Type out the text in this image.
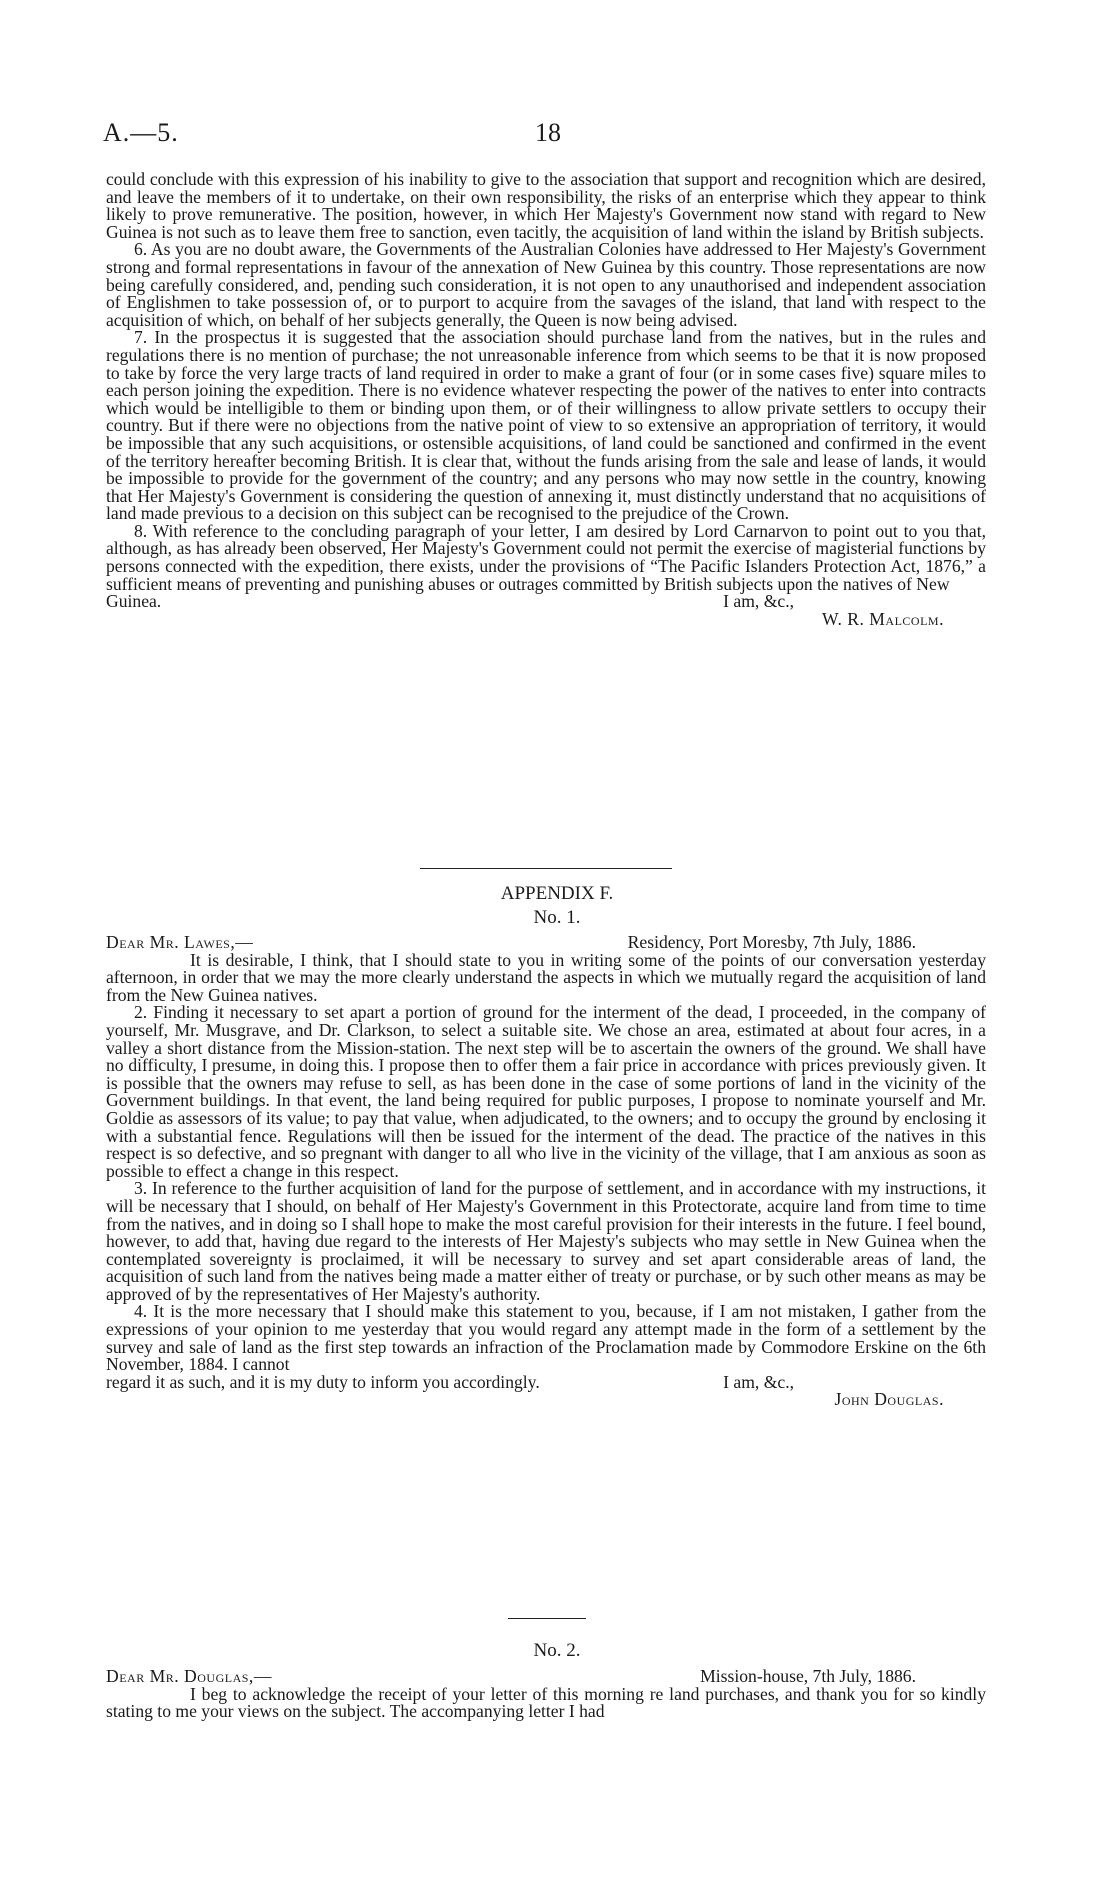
A.—5.	18

could conclude with this expression of his inability to give to the association that support and recognition which are desired, and leave the members of it to undertake, on their own responsibility, the risks of an enterprise which they appear to think likely to prove remunerative. The position, however, in which Her Majesty's Government now stand with regard to New Guinea is not such as to leave them free to sanction, even tacitly, the acquisition of land within the island by British subjects.

6. As you are no doubt aware, the Governments of the Australian Colonies have addressed to Her Majesty's Government strong and formal representations in favour of the annexation of New Guinea by this country. Those representations are now being carefully considered, and, pending such consideration, it is not open to any unauthorised and independent association of Englishmen to take possession of, or to purport to acquire from the savages of the island, that land with respect to the acquisition of which, on behalf of her subjects generally, the Queen is now being advised.

7. In the prospectus it is suggested that the association should purchase land from the natives, but in the rules and regulations there is no mention of purchase; the not unreasonable inference from which seems to be that it is now proposed to take by force the very large tracts of land required in order to make a grant of four (or in some cases five) square miles to each person joining the expedition. There is no evidence whatever respecting the power of the natives to enter into contracts which would be intelligible to them or binding upon them, or of their willingness to allow private settlers to occupy their country. But if there were no objections from the native point of view to so extensive an appropriation of territory, it would be impossible that any such acquisitions, or ostensible acquisitions, of land could be sanctioned and confirmed in the event of the territory hereafter becoming British. It is clear that, without the funds arising from the sale and lease of lands, it would be impossible to provide for the government of the country; and any persons who may now settle in the country, knowing that Her Majesty's Government is considering the question of annexing it, must distinctly understand that no acquisitions of land made previous to a decision on this subject can be recognised to the prejudice of the Crown.

8. With reference to the concluding paragraph of your letter, I am desired by Lord Carnarvon to point out to you that, although, as has already been observed, Her Majesty's Government could not permit the exercise of magisterial functions by persons connected with the expedition, there exists, under the provisions of “The Pacific Islanders Protection Act, 1876,” a sufficient means of preventing and punishing abuses or outrages committed by British subjects upon the natives of New

Guinea.	I am, &c.,
W. R. Malcolm.
APPENDIX F.
No. 1.
Dear Mr. Lawes,—	Residency, Port Moresby, 7th July, 1886.

It is desirable, I think, that I should state to you in writing some of the points of our conversation yesterday afternoon, in order that we may the more clearly understand the aspects in which we mutually regard the acquisition of land from the New Guinea natives.

2. Finding it necessary to set apart a portion of ground for the interment of the dead, I proceeded, in the company of yourself, Mr. Musgrave, and Dr. Clarkson, to select a suitable site. We chose an area, estimated at about four acres, in a valley a short distance from the Mission-station. The next step will be to ascertain the owners of the ground. We shall have no difficulty, I presume, in doing this. I propose then to offer them a fair price in accordance with prices previously given. It is possible that the owners may refuse to sell, as has been done in the case of some portions of land in the vicinity of the Government buildings. In that event, the land being required for public purposes, I propose to nominate yourself and Mr. Goldie as assessors of its value; to pay that value, when adjudicated, to the owners; and to occupy the ground by enclosing it with a substantial fence. Regulations will then be issued for the interment of the dead. The practice of the natives in this respect is so defective, and so pregnant with danger to all who live in the vicinity of the village, that I am anxious as soon as possible to effect a change in this respect.

3. In reference to the further acquisition of land for the purpose of settlement, and in accordance with my instructions, it will be necessary that I should, on behalf of Her Majesty's Government in this Protectorate, acquire land from time to time from the natives, and in doing so I shall hope to make the most careful provision for their interests in the future. I feel bound, however, to add that, having due regard to the interests of Her Majesty's subjects who may settle in New Guinea when the contemplated sovereignty is proclaimed, it will be necessary to survey and set apart considerable areas of land, the acquisition of such land from the natives being made a matter either of treaty or purchase, or by such other means as may be approved of by the representatives of Her Majesty's authority.

4. It is the more necessary that I should make this statement to you, because, if I am not mistaken, I gather from the expressions of your opinion to me yesterday that you would regard any attempt made in the form of a settlement by the survey and sale of land as the first step towards an infraction of the Proclamation made by Commodore Erskine on the 6th November, 1884. I cannot

regard it as such, and it is my duty to inform you accordingly.	I am, &c.,
John Douglas.
No. 2.
Dear Mr. Douglas,—	Mission-house, 7th July, 1886.

I beg to acknowledge the receipt of your letter of this morning re land purchases, and thank you for so kindly stating to me your views on the subject. The accompanying letter I had
